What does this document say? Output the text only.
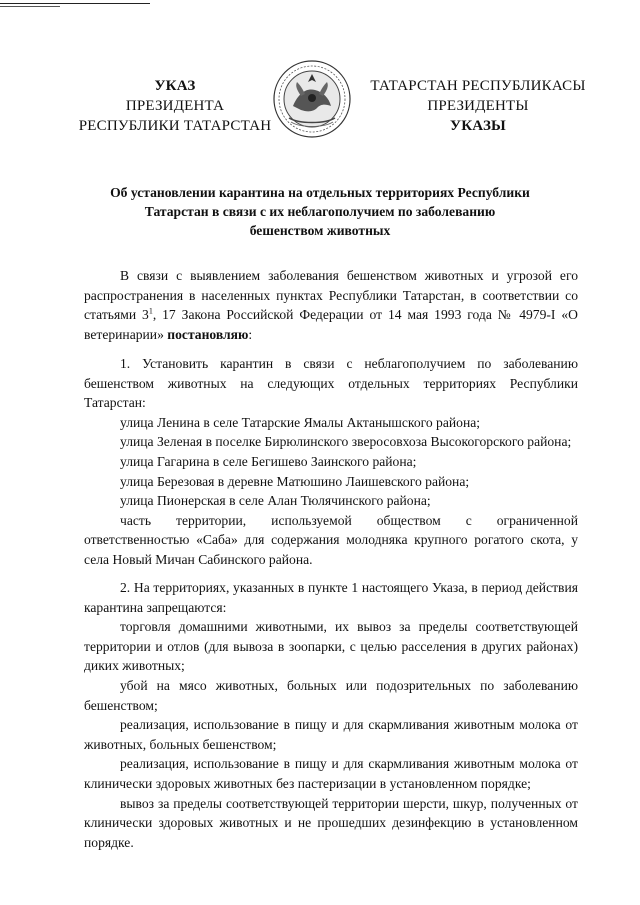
УКАЗ
ПРЕЗИДЕНТА
РЕСПУБЛИКИ ТАТАРСТАН
ТАТАРСТАН РЕСПУБЛИКАСЫ
ПРЕЗИДЕНТЫ
УКАЗЫ
Об установлении карантина на отдельных территориях Республики
Татарстан в связи с их неблагополучием по заболеванию
бешенством животных

В связи с выявлением заболевания бешенством животных и угрозой его распространения в населенных пунктах Республики Татарстан, в соответствии со статьями $3^1$, 17 Закона Российской Федерации от 14 мая 1993 года № 4979-I «О ветеринарии» постановляю:

1. Установить карантин в связи с неблагополучием по заболеванию бешенством животных на следующих отдельных территориях Республики Татарстан:

улица Ленина в селе Татарские Ямалы Актанышского района;

улица Зеленая в поселке Бирюлинского зверосовхоза Высокогорского района;

улица Гагарина в селе Бегишево Заинского района;

улица Березовая в деревне Матюшино Лаишевского района;

улица Пионерская в селе Алан Тюлячинского района;

часть территории, используемой обществом с ограниченной ответственностью «Саба» для содержания молодняка крупного рогатого скота, у села Новый Мичан Сабинского района.

2. На территориях, указанных в пункте 1 настоящего Указа, в период действия карантина запрещаются:

торговля домашними животными, их вывоз за пределы соответствующей территории и отлов (для вывоза в зоопарки, с целью расселения в других районах) диких животных;

убой на мясо животных, больных или подозрительных по заболеванию бешенством;

реализация, использование в пищу и для скармливания животным молока от животных, больных бешенством;

реализация, использование в пищу и для скармливания животным молока от клинически здоровых животных без пастеризации в установленном порядке;

вывоз за пределы соответствующей территории шерсти, шкур, полученных от клинически здоровых животных и не прошедших дезинфекцию в установленном порядке.
